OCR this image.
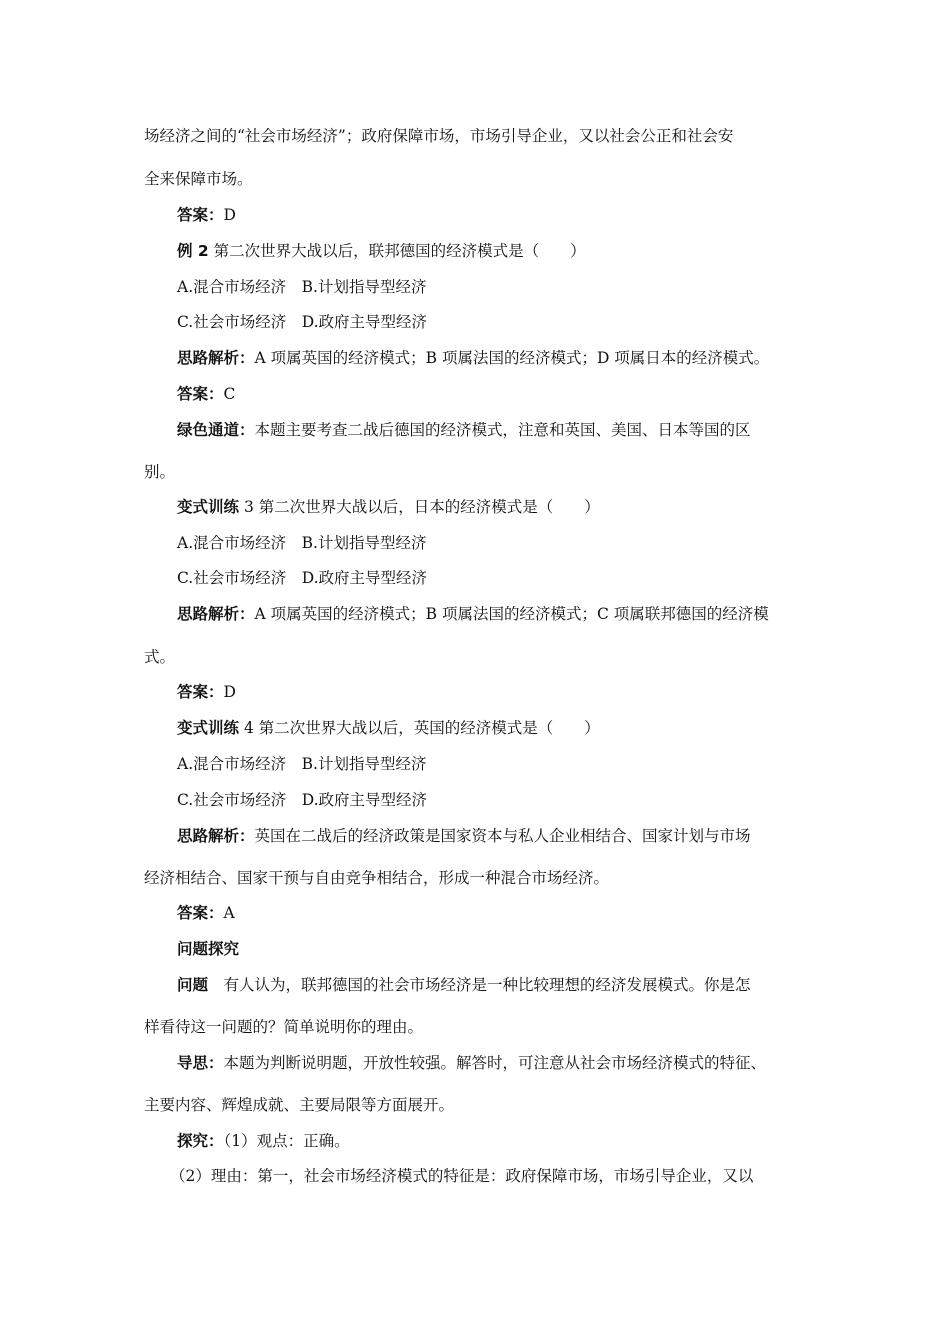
场经济之间的“社会市场经济”；政府保障市场，市场引导企业，又以社会公正和社会安
全来保障市场。
答案：D
例 2 第二次世界大战以后，联邦德国的经济模式是（　　）
A.混合市场经济　B.计划指导型经济
C.社会市场经济　D.政府主导型经济
思路解析：A 项属英国的经济模式；B 项属法国的经济模式；D 项属日本的经济模式。
答案：C
绿色通道：本题主要考查二战后德国的经济模式，注意和英国、美国、日本等国的区
别。
变式训练 3 第二次世界大战以后，日本的经济模式是（　　）
A.混合市场经济　B.计划指导型经济
C.社会市场经济　D.政府主导型经济
思路解析：A 项属英国的经济模式；B 项属法国的经济模式；C 项属联邦德国的经济模
式。
答案：D
变式训练 4 第二次世界大战以后，英国的经济模式是（　　）
A.混合市场经济　B.计划指导型经济
C.社会市场经济　D.政府主导型经济
思路解析：英国在二战后的经济政策是国家资本与私人企业相结合、国家计划与市场
经济相结合、国家干预与自由竞争相结合，形成一种混合市场经济。
答案：A
问题探究
问题　有人认为，联邦德国的社会市场经济是一种比较理想的经济发展模式。你是怎
样看待这一问题的？简单说明你的理由。
导思：本题为判断说明题，开放性较强。解答时，可注意从社会市场经济模式的特征、
主要内容、辉煌成就、主要局限等方面展开。
探究：（1）观点：正确。
（2）理由：第一，社会市场经济模式的特征是：政府保障市场，市场引导企业，又以
